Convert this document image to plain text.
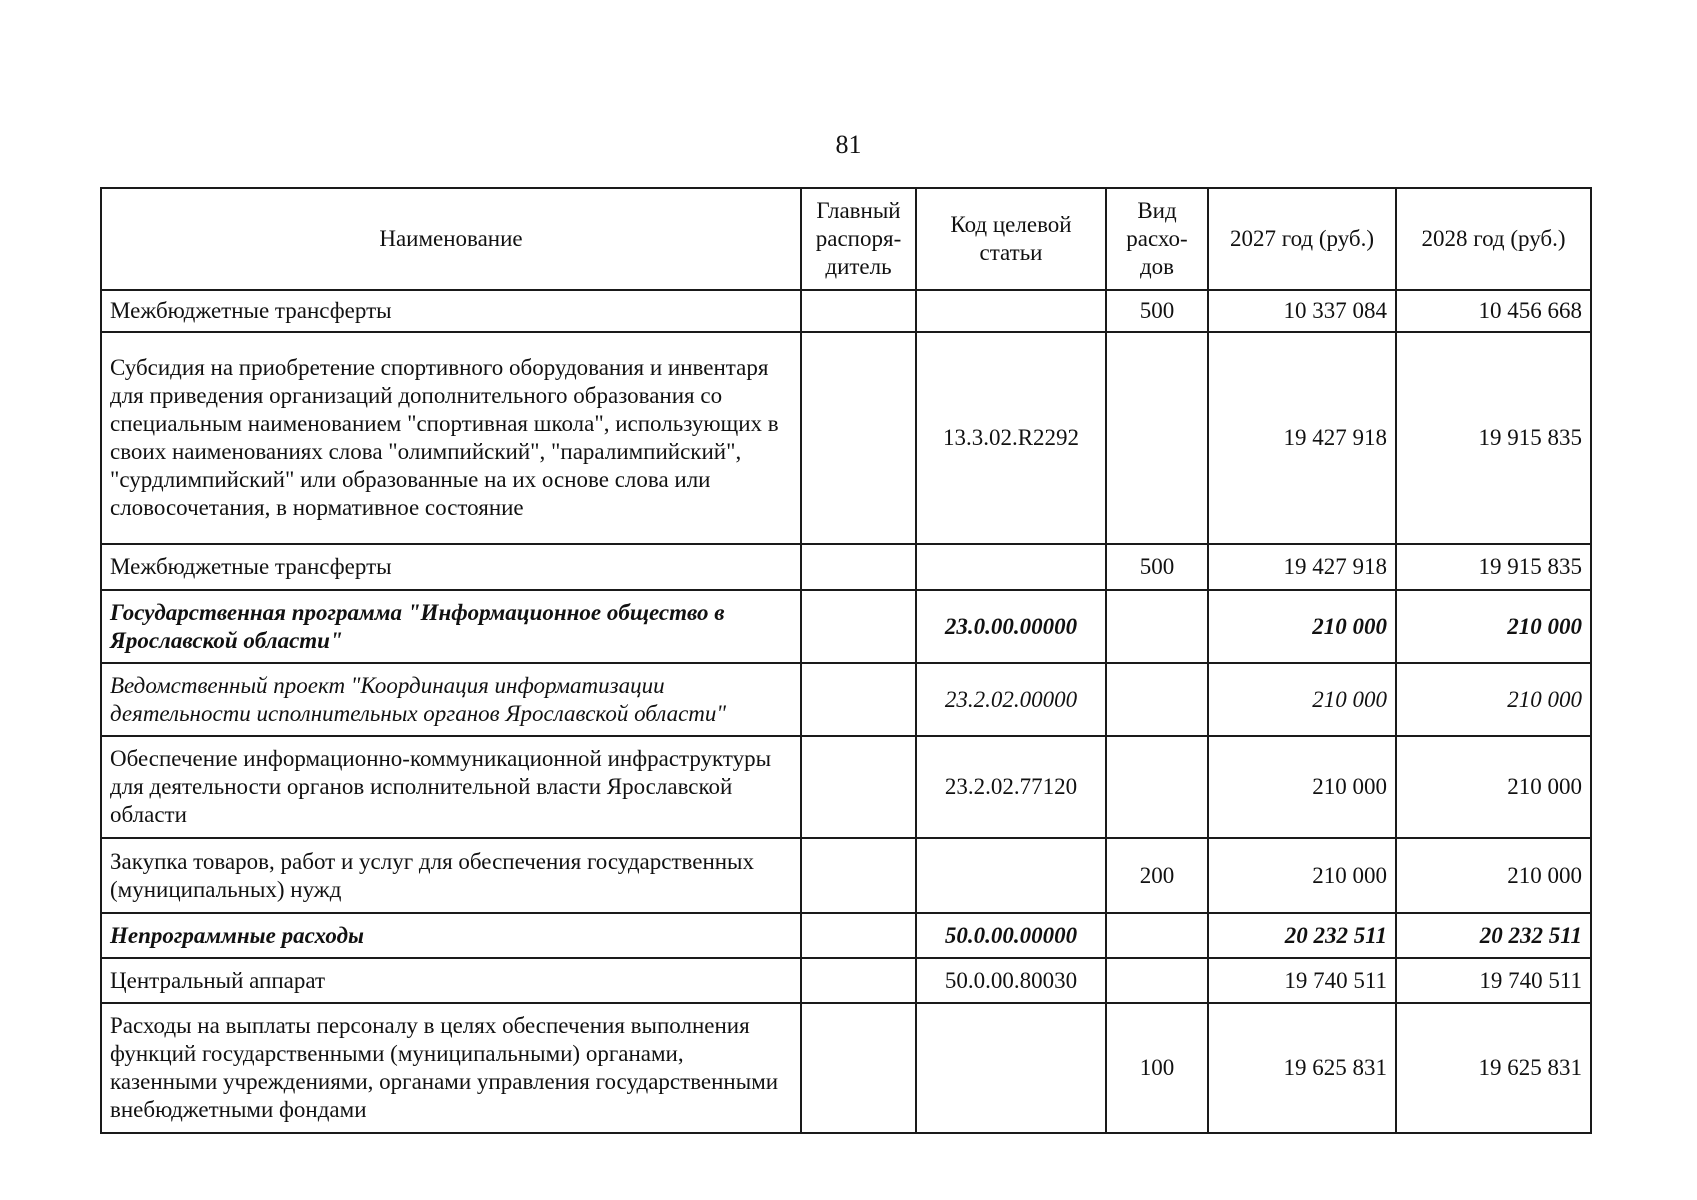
81
Наименование	Главный распоря-дитель	Код целевой статьи	Вид расхо-дов	2027 год (руб.)	2028 год (руб.)
Межбюджетные трансферты			500	10 337 084	10 456 668
Субсидия на приобретение спортивного оборудования и инвентаря для приведения организаций дополнительного образования со специальным наименованием "спортивная школа", использующих в своих наименованиях слова "олимпийский", "паралимпийский", "сурдлимпийский" или образованные на их основе слова или словосочетания, в нормативное состояние		13.3.02.R2292		19 427 918	19 915 835
Межбюджетные трансферты			500	19 427 918	19 915 835
Государственная программа "Информационное общество в Ярославской области"		23.0.00.00000		210 000	210 000
Ведомственный проект "Координация информатизации деятельности исполнительных органов Ярославской области"		23.2.02.00000		210 000	210 000
Обеспечение информационно-коммуникационной инфраструктуры для деятельности органов исполнительной власти Ярославской области		23.2.02.77120		210 000	210 000
Закупка товаров, работ и услуг для обеспечения государственных (муниципальных) нужд			200	210 000	210 000
Непрограммные расходы		50.0.00.00000		20 232 511	20 232 511
Центральный аппарат		50.0.00.80030		19 740 511	19 740 511
Расходы на выплаты персоналу в целях обеспечения выполнения функций государственными (муниципальными) органами, казенными учреждениями, органами управления государственными внебюджетными фондами			100	19 625 831	19 625 831
